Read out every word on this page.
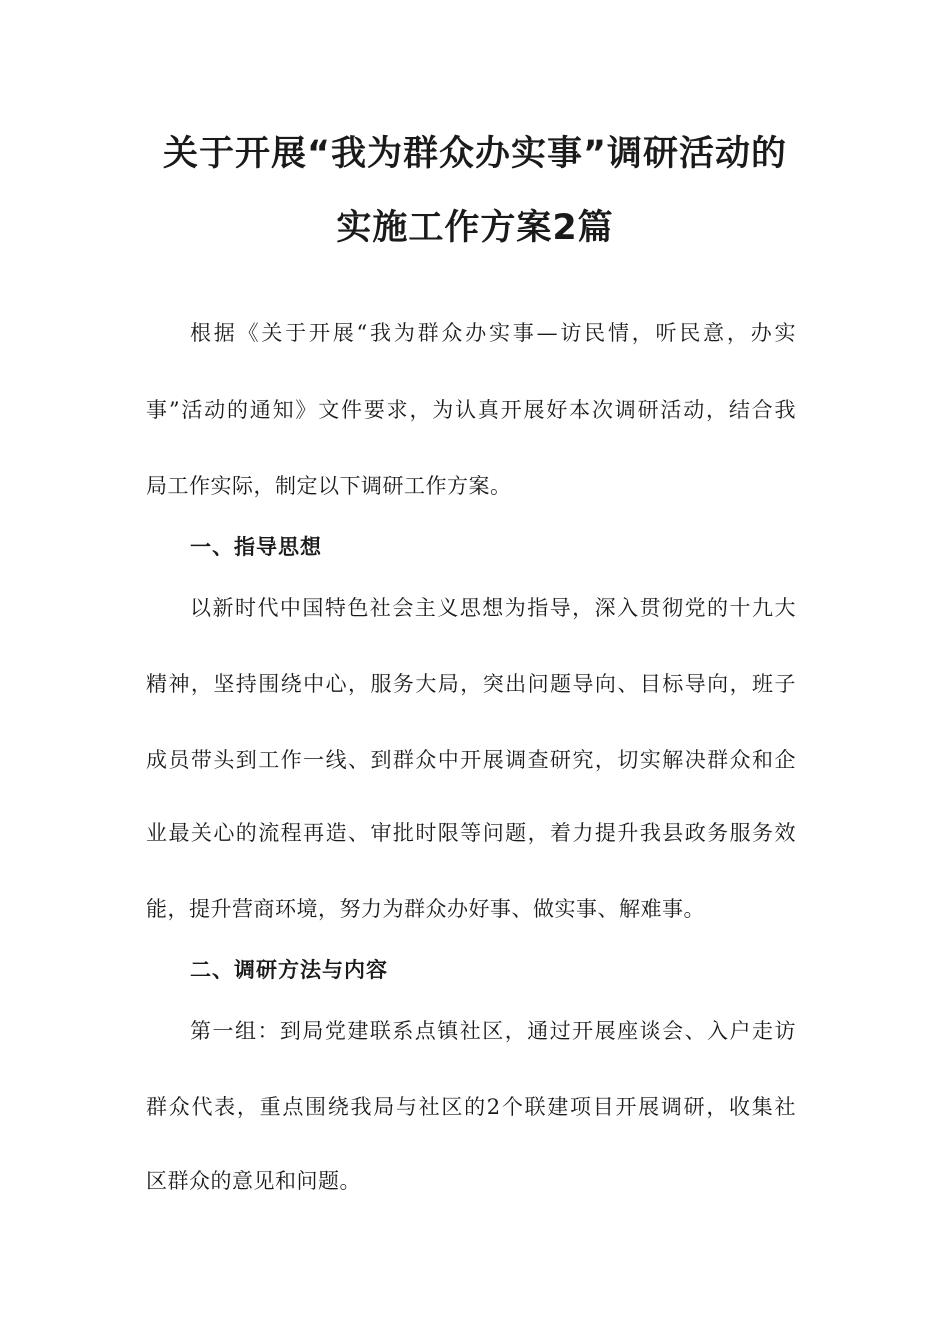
关于开展“我为群众办实事”调研活动的
实施工作方案2篇
根据《关于开展“我为群众办实事—访民情，听民意，办实
事”活动的通知》文件要求，为认真开展好本次调研活动，结合我
局工作实际，制定以下调研工作方案。
一、指导思想
以新时代中国特色社会主义思想为指导，深入贯彻党的十九大
精神，坚持围绕中心，服务大局，突出问题导向、目标导向，班子
成员带头到工作一线、到群众中开展调查研究，切实解决群众和企
业最关心的流程再造、审批时限等问题，着力提升我县政务服务效
能，提升营商环境，努力为群众办好事、做实事、解难事。
二、调研方法与内容
第一组：到局党建联系点镇社区，通过开展座谈会、入户走访
群众代表，重点围绕我局与社区的2个联建项目开展调研，收集社
区群众的意见和问题。
